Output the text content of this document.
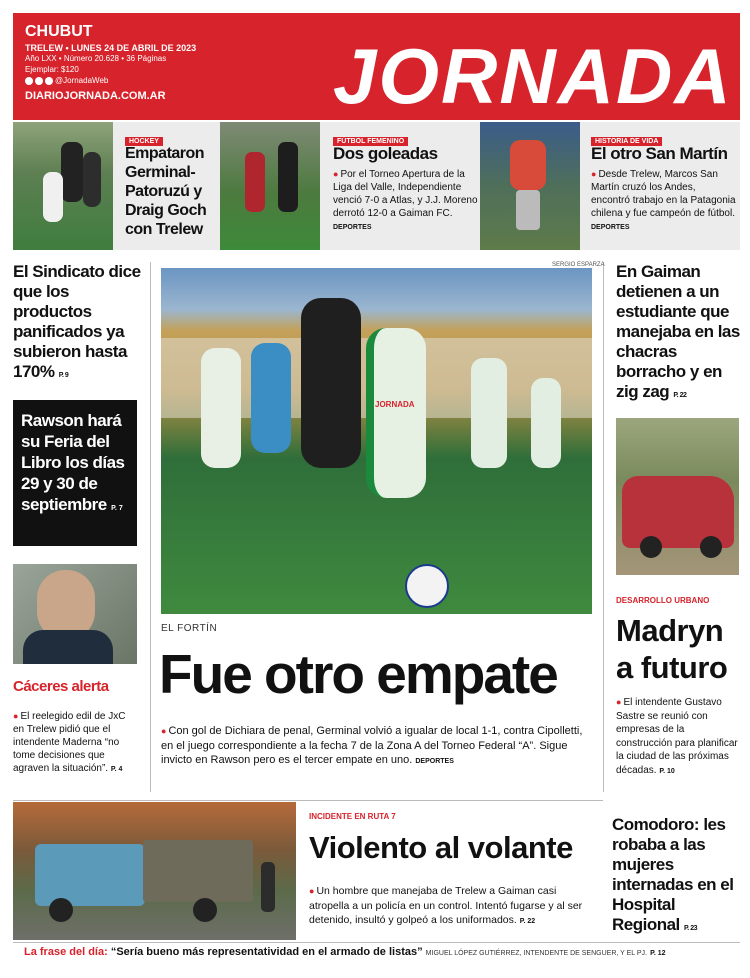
CHUBUT
TRELEW • LUNES 24 DE ABRIL DE 2023
Año LXX • Número 20.628 • 36 Páginas
Ejemplar: $120
@JornadaWeb
DIARIOJORNADA.COM.AR JORNADA
HOCKEY
Empataron Germinal-Patoruzú y Draig Goch con Trelew
FÚTBOL FEMENINO
Dos goleadas
● Por el Torneo Apertura de la Liga del Valle, Independiente venció 7-0 a Atlas, y J.J. Moreno derrotó 12-0 a Gaiman FC. DEPORTES
HISTORIA DE VIDA
El otro San Martín
● Desde Trelew, Marcos San Martín cruzó los Andes, encontró trabajo en la Patagonia chilena y fue campeón de fútbol. DEPORTES
El Sindicato dice que los productos panificados ya subieron hasta 170% P. 9
Rawson hará su Feria del Libro los días 29 y 30 de septiembre P. 7
Cáceres alerta
● El reelegido edil de JxC en Trelew pidió que el intendente Maderna “no tome decisiones que agraven la situación”. P. 4
SERGIO ESPARZA
JORNADA
EL FORTÍN
Fue otro empate
● Con gol de Dichiara de penal, Germinal volvió a igualar de local 1-1, contra Cipolletti, en el juego correspondiente a la fecha 7 de la Zona A del Torneo Federal “A”. Sigue invicto en Rawson pero es el tercer empate en uno. DEPORTES
En Gaiman detienen a un estudiante que manejaba en las chacras borracho y en zig zag P. 22
DESARROLLO URBANO
Madryn a futuro
● El intendente Gustavo Sastre se reunió con empresas de la construcción para planificar la ciudad de las próximas décadas. P. 10
Comodoro: les robaba a las mujeres internadas en el Hospital Regional P. 23
INCIDENTE EN RUTA 7
Violento al volante
● Un hombre que manejaba de Trelew a Gaiman casi atropella a un policía en un control. Intentó fugarse y al ser detenido, insultó y golpeó a los uniformados. P. 22
La frase del día: “Sería bueno más representatividad en el armado de listas” MIGUEL LÓPEZ GUTIÉRREZ, INTENDENTE DE SENGUER, Y EL PJ. P. 12
